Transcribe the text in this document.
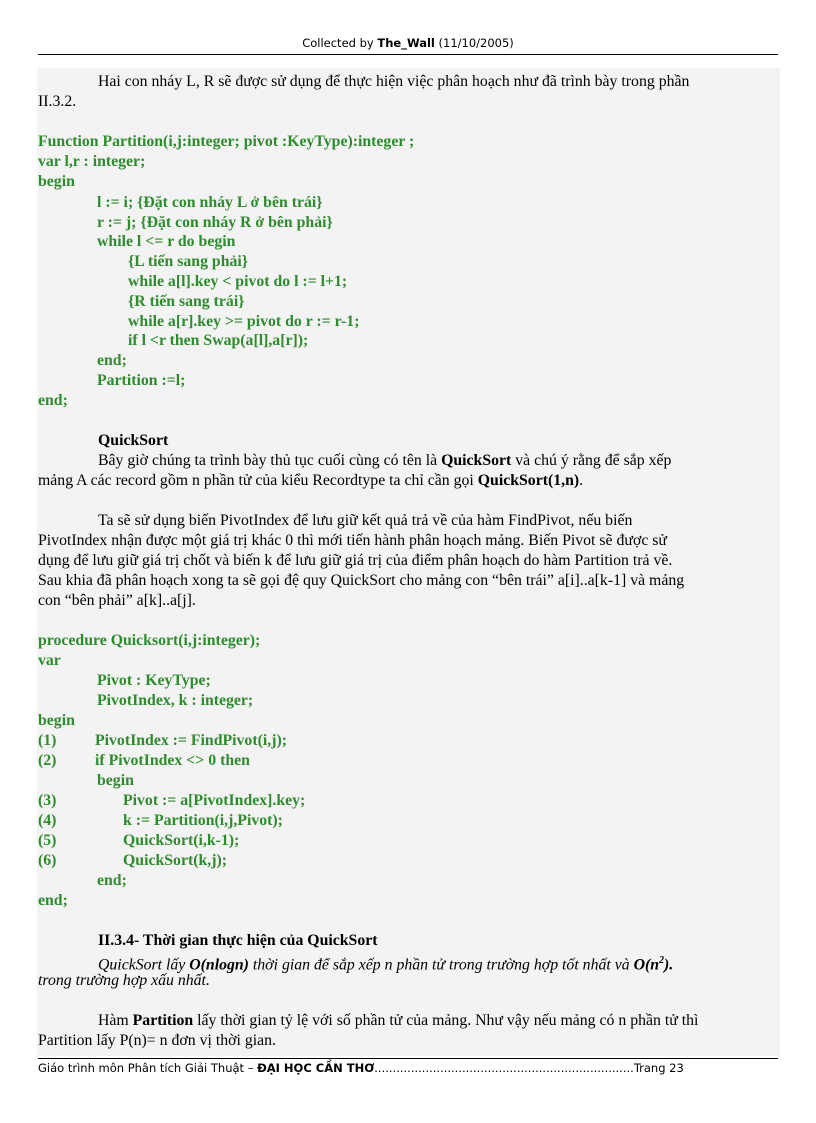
Collected by The_Wall (11/10/2005)
Hai con nháy L, R sẽ được sử dụng để thực hiện việc phân hoạch như đã trình bày trong phần
II.3.2.
Function Partition(i,j:integer; pivot :KeyType):integer ;
var l,r : integer;
begin
l := i; {Đặt con nháy L ở bên trái}
r := j; {Đặt con nháy R ở bên phải}
while l <= r do begin
{L tiến sang phải}
while a[l].key < pivot do l := l+1;
{R tiến sang trái}
while a[r].key >= pivot do r := r-1;
if l <r then Swap(a[l],a[r]);
end;
Partition :=l;
end;
QuickSort
Bây giờ chúng ta trình bày thủ tục cuối cùng có tên là QuickSort và chú ý rằng để sắp xếp
mảng A các record gồm n phần tử của kiểu Recordtype ta chỉ cần gọi QuickSort(1,n).
Ta sẽ sử dụng biến PivotIndex để lưu giữ kết quả trả về của hàm FindPivot, nếu biến
PivotIndex nhận được một giá trị khác 0 thì mới tiến hành phân hoạch mảng. Biến Pivot sẽ được sử
dụng để lưu giữ giá trị chốt và biến k để lưu giữ giá trị của điểm phân hoạch do hàm Partition trả về.
Sau khia đã phân hoạch xong ta sẽ gọi đệ quy QuickSort cho mảng con “bên trái” a[i]..a[k-1] và mảng
con “bên phải” a[k]..a[j].
procedure Quicksort(i,j:integer);
var
Pivot : KeyType;
PivotIndex, k : integer;
begin
(1) PivotIndex := FindPivot(i,j);
(2) if PivotIndex <> 0 then
begin
(3)	Pivot := a[PivotIndex].key;
(4)	k := Partition(i,j,Pivot);
(5)	QuickSort(i,k-1);
(6)	QuickSort(k,j);
end;
end;
II.3.4- Thời gian thực hiện của QuickSort
QuickSort lấy O(nlogn) thời gian để sắp xếp n phần tử trong trường hợp tốt nhất và $O(n^2)$.
trong trường hợp xấu nhất.
Hàm Partition lấy thời gian tỷ lệ với số phần tử của mảng. Như vậy nếu mảng có n phần tử thì
Partition lấy P(n)= n đơn vị thời gian.
Giáo trình môn Phân tích Giải Thuật – ĐẠI HỌC CẦN THƠ.......................................................................Trang 23
